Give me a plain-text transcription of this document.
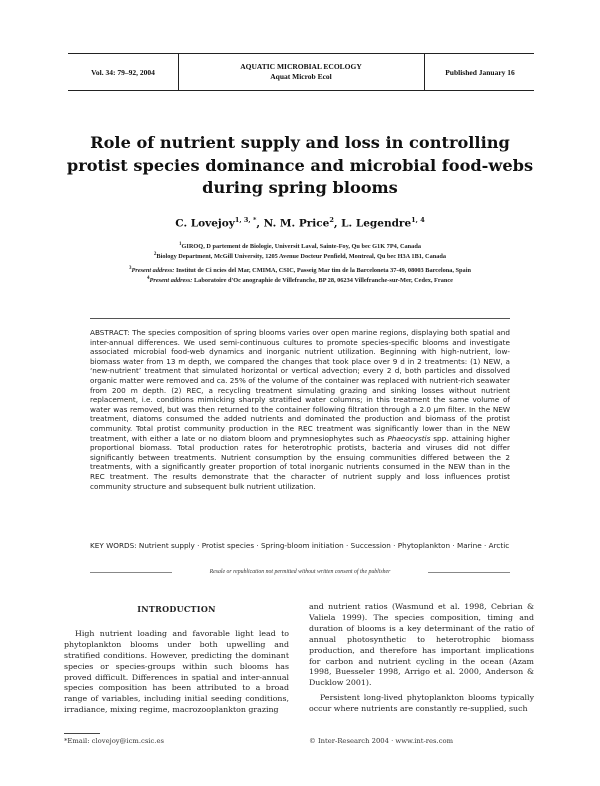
Vol. 34: 79–92, 2004
AQUATIC MICROBIAL ECOLOGY
Aquat Microb Ecol	Published January 16
Role of nutrient supply and loss in controlling protist species dominance and microbial food-webs during spring blooms
C. Lovejoy$^{1, 3, *}$, N. M. Price$^2$, L. Legendre$^{1, 4}$
$^1$GIROQ, D partement de Biologie, Universit Laval, Sainte-Foy, Qu bec G1K 7P4, Canada
$^2$Biology Department, McGill University, 1205 Avenue Docteur Penfield, Montreal, Qu bec H3A 1B1, Canada
$^3$Present address: Institut de Ci ncies del Mar, CMIMA, CSIC, Passeig Mar tim de la Barceloneta 37-49, 08003 Barcelona, Spain
$^4$Present address: Laboratoire d'Oc anographie de Villefranche, BP 28, 06234 Villefranche-sur-Mer, Cedex, France
ABSTRACT: The species composition of spring blooms varies over open marine regions, displaying both spatial and inter-annual differences. We used semi-continuous cultures to promote species-specific blooms and investigate associated microbial food-web dynamics and inorganic nutrient utilization. Beginning with high-nutrient, low-biomass water from 13 m depth, we compared the changes that took place over 9 d in 2 treatments: (1) NEW, a ‘new-nutrient’ treatment that simulated horizontal or vertical advection; every 2 d, both particles and dissolved organic matter were removed and ca. 25% of the volume of the container was replaced with nutrient-rich seawater from 200 m depth. (2) REC, a recycling treatment simulating grazing and sinking losses without nutrient replacement, i.e. conditions mimicking sharply stratified water columns; in this treatment the same volume of water was removed, but was then returned to the container following filtration through a 2.0 µm filter. In the NEW treatment, diatoms consumed the added nutrients and dominated the production and biomass of the protist community. Total protist community production in the REC treatment was significantly lower than in the NEW treatment, with either a late or no diatom bloom and prymnesiophytes such as Phaeocystis spp. attaining higher proportional biomass. Total production rates for heterotrophic protists, bacteria and viruses did not differ significantly between treatments. Nutrient consumption by the ensuing communities differed between the 2 treatments, with a significantly greater proportion of total inorganic nutrients consumed in the NEW than in the REC treatment. The results demonstrate that the character of nutrient supply and loss influences protist community structure and subsequent bulk nutrient utilization.
KEY WORDS: Nutrient supply · Protist species · Spring-bloom initiation · Succession · Phytoplankton · Marine · Arctic
Resale or republication not permitted without written consent of the publisher
INTRODUCTION

High nutrient loading and favorable light lead to phytoplankton blooms under both upwelling and stratified conditions. However, predicting the dominant species or species-groups within such blooms has proved difficult. Differences in spatial and inter-annual species composition has been attributed to a broad range of variables, including initial seeding conditions, irradiance, mixing regime, macrozooplankton grazing

and nutrient ratios (Wasmund et al. 1998, Cebrian & Valiela 1999). The species composition, timing and duration of blooms is a key determinant of the ratio of annual photosynthetic to heterotrophic biomass production, and therefore has important implications for carbon and nutrient cycling in the ocean (Azam 1998, Buesseler 1998, Arrigo et al. 2000, Anderson & Ducklow 2001).

Persistent long-lived phytoplankton blooms typically occur where nutrients are constantly re-supplied, such

*Email: clovejoy@icm.csic.es	© Inter-Research 2004 · www.int-res.com
